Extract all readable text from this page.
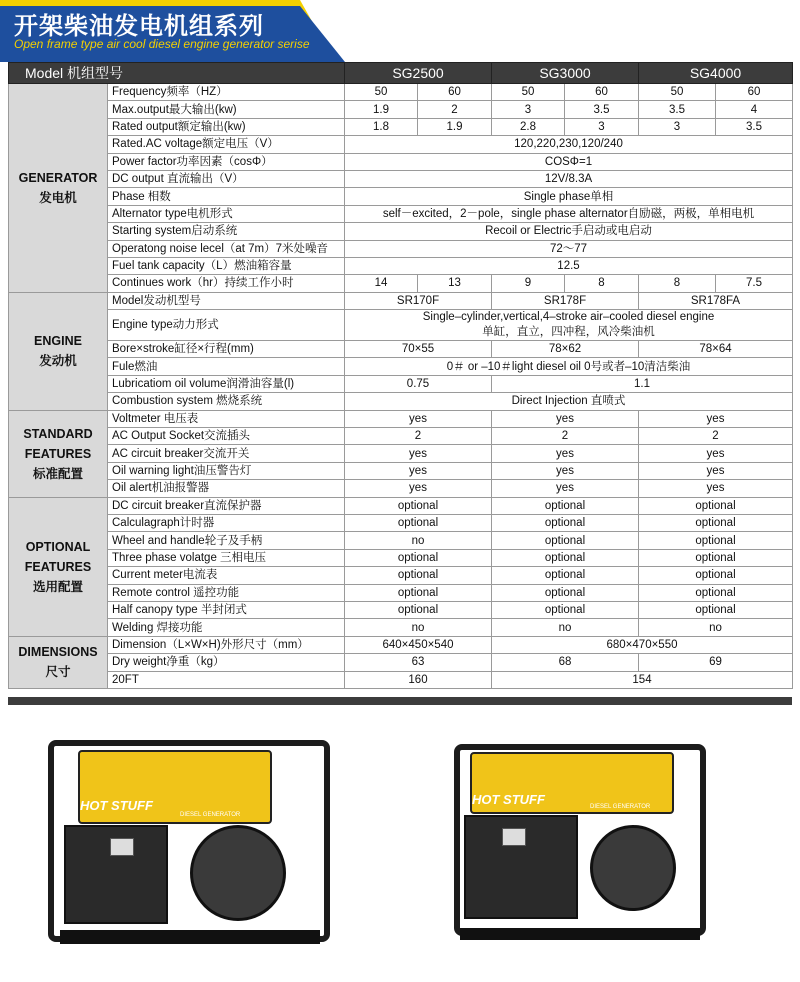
开架柴油发电机组系列
Open frame type air cool diesel engine generator serise
Model 机组型号		SG2500		SG3000		SG4000	
GENERATOR
发电机	Frequency频率（HZ）	50	60	50	60	50	60
	Max.output最大输出(kw)	1.9	2	3	3.5	3.5	4
	Rated output额定输出(kw)	1.8	1.9	2.8	3	3	3.5
	Rated.AC voltage额定电压（V）	120,220,230,120/240					
	Power factor功率因素（cosΦ）	COSΦ=1					
	DC output 直流输出（V）	12V/8.3A					
	Phase 相数	Single phase单相					
	Alternator type电机形式	self－excited，2－pole，single phase alternator自励磁，两极，单相电机					
	Starting system启动系统	Recoil or Electric手启动或电启动					
	Operatong noise lecel（at 7m）7米处噪音	72～77					
	Fuel tank capacity（L）燃油箱容量	12.5					
	Continues work（hr）持续工作小时	14	13	9	8	8	7.5
ENGINE
发动机	Model发动机型号	SR170F		SR178F		SR178FA	
	Engine type动力形式	Single–cylinder,vertical,4–stroke air–cooled diesel engine
单缸，直立，四冲程，风冷柴油机					

	Bore×stroke缸径×行程(mm)	70×55		78×62		78×64	
	Fule燃油	0＃ or –10＃light diesel oil 0号或者–10清洁柴油					
	Lubricatiom oil volume润滑油容量(l)	0.75		1.1			
	Combustion system 燃烧系统	Direct Injection 直喷式					
STANDARD
FEATURES
标准配置	Voltmeter 电压表	yes		yes		yes	
	AC Output Socket交流插头	2		2		2	
	AC circuit breaker交流开关	yes		yes		yes	
	Oil warning light油压警告灯	yes		yes		yes	
	Oil alert机油报警器	yes		yes		yes	
OPTIONAL
FEATURES
选用配置	DC circuit breaker直流保护器	optional		optional		optional	
	Calculagraph计时器	optional		optional		optional	
	Wheel and handle轮子及手柄	no		optional		optional	
	Three phase volatge 三相电压	optional		optional		optional	
	Current meter电流表	optional		optional		optional	
	Remote control 遥控功能	optional		optional		optional	
	Half canopy type 半封闭式	optional		optional		optional	
	Welding 焊接功能	no		no		no	
DIMENSIONS
尺寸	Dimension（L×W×H)外形尺寸（mm）	640×450×540		680×470×550			
	Dry weight净重（kg）	63		68		69	
	20FT	160		154			
HOT STUFF
DIESEL GENERATOR
HOT STUFF	DIESEL GENERATOR
